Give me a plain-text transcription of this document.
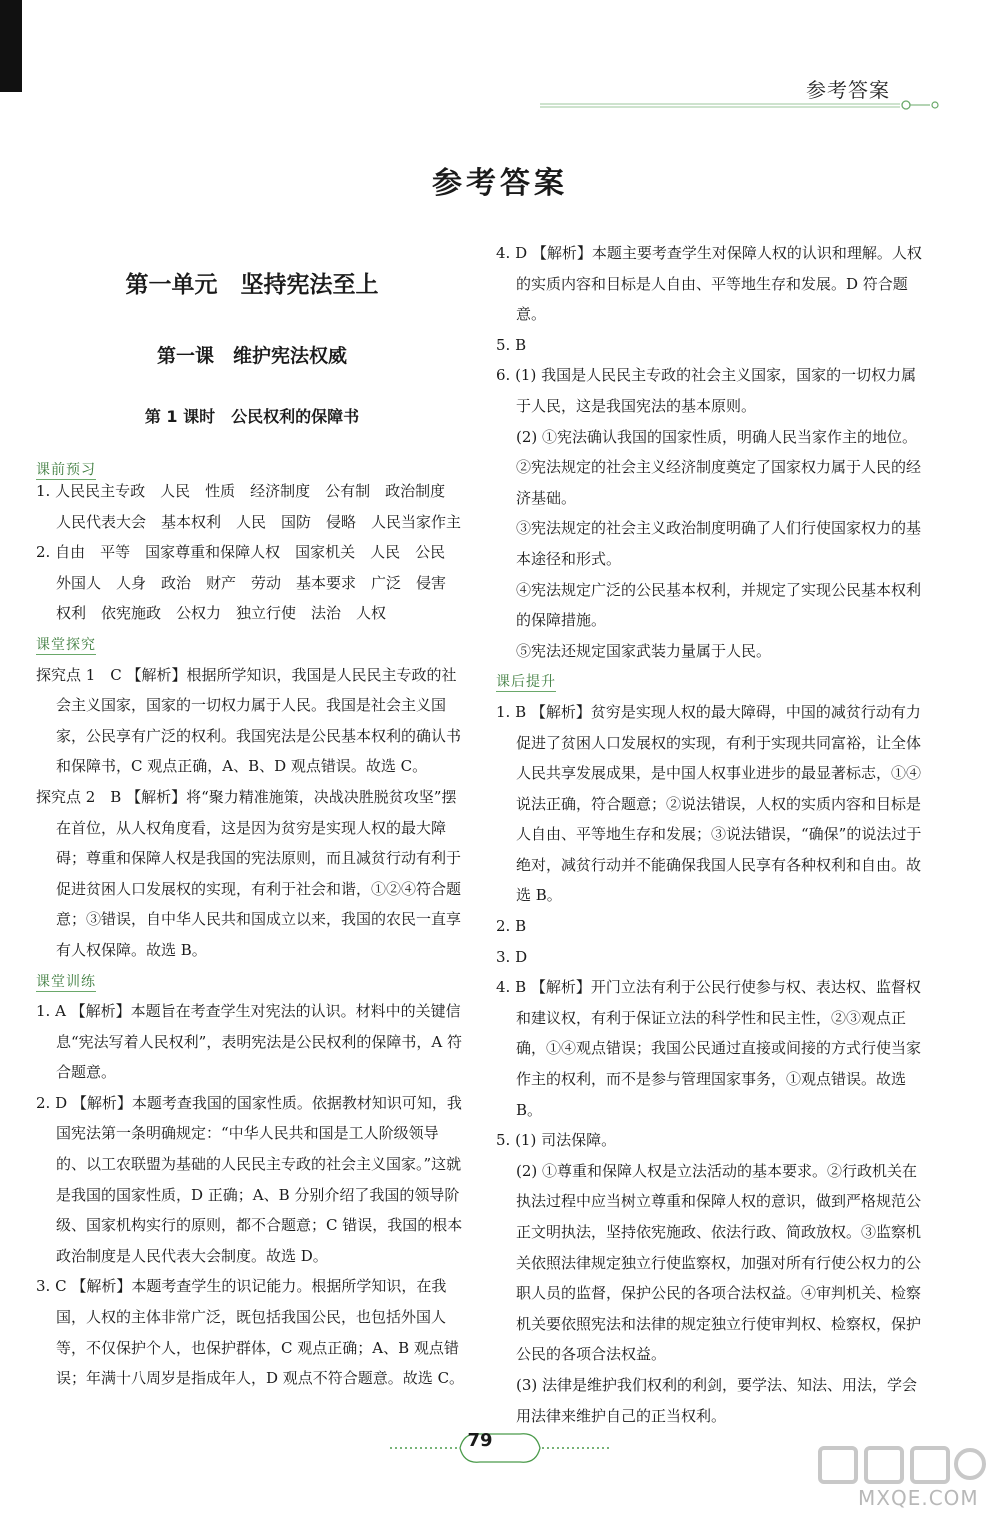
参考答案
参考答案
第一单元　坚持宪法至上
第一课　维护宪法权威
第 1 课时　公民权利的保障书
课前预习
1. 人民民主专政　人民　性质　经济制度　公有制　政治制度　人民代表大会　基本权利　人民　国防　侵略　人民当家作主
2. 自由　平等　国家尊重和保障人权　国家机关　人民　公民　外国人　人身　政治　财产　劳动　基本要求　广泛　侵害　权利　依宪施政　公权力　独立行使　法治　人权
课堂探究
探究点 1　C 【解析】根据所学知识，我国是人民民主专政的社会主义国家，国家的一切权力属于人民。我国是社会主义国家，公民享有广泛的权利。我国宪法是公民基本权利的确认书和保障书，C 观点正确，A、B、D 观点错误。故选 C。
探究点 2　B 【解析】将“聚力精准施策，决战决胜脱贫攻坚”摆在首位，从人权角度看，这是因为贫穷是实现人权的最大障碍；尊重和保障人权是我国的宪法原则，而且减贫行动有利于促进贫困人口发展权的实现，有利于社会和谐，①②④符合题意；③错误，自中华人民共和国成立以来，我国的农民一直享有人权保障。故选 B。
课堂训练
1. A 【解析】本题旨在考查学生对宪法的认识。材料中的关键信息“宪法写着人民权利”，表明宪法是公民权利的保障书，A 符合题意。
2. D 【解析】本题考查我国的国家性质。依据教材知识可知，我国宪法第一条明确规定：“中华人民共和国是工人阶级领导的、以工农联盟为基础的人民民主专政的社会主义国家。”这就是我国的国家性质，D 正确；A、B 分别介绍了我国的领导阶级、国家机构实行的原则，都不合题意；C 错误，我国的根本政治制度是人民代表大会制度。故选 D。
3. C 【解析】本题考查学生的识记能力。根据所学知识，在我国，人权的主体非常广泛，既包括我国公民，也包括外国人等，不仅保护个人，也保护群体，C 观点正确；A、B 观点错误；年满十八周岁是指成年人，D 观点不符合题意。故选 C。
4. D 【解析】本题主要考查学生对保障人权的认识和理解。人权的实质内容和目标是人自由、平等地生存和发展。D 符合题意。
5. B
6. (1) 我国是人民民主专政的社会主义国家，国家的一切权力属于人民，这是我国宪法的基本原则。
(2) ①宪法确认我国的国家性质，明确人民当家作主的地位。
②宪法规定的社会主义经济制度奠定了国家权力属于人民的经济基础。
③宪法规定的社会主义政治制度明确了人们行使国家权力的基本途径和形式。
④宪法规定广泛的公民基本权利，并规定了实现公民基本权利的保障措施。
⑤宪法还规定国家武装力量属于人民。
课后提升
1. B 【解析】贫穷是实现人权的最大障碍，中国的减贫行动有力促进了贫困人口发展权的实现，有利于实现共同富裕，让全体人民共享发展成果，是中国人权事业进步的最显著标志，①④说法正确，符合题意；②说法错误，人权的实质内容和目标是人自由、平等地生存和发展；③说法错误，“确保”的说法过于绝对，减贫行动并不能确保我国人民享有各种权利和自由。故选 B。
2. B
3. D
4. B 【解析】开门立法有利于公民行使参与权、表达权、监督权和建议权，有利于保证立法的科学性和民主性，②③观点正确，①④观点错误；我国公民通过直接或间接的方式行使当家作主的权利，而不是参与管理国家事务，①观点错误。故选 B。
5. (1) 司法保障。
(2) ①尊重和保障人权是立法活动的基本要求。②行政机关在执法过程中应当树立尊重和保障人权的意识，做到严格规范公正文明执法，坚持依宪施政、依法行政、简政放权。③监察机关依照法律规定独立行使监察权，加强对所有行使公权力的公职人员的监督，保护公民的各项合法权益。④审判机关、检察机关要依照宪法和法律的规定独立行使审判权、检察权，保护公民的各项合法权益。
(3) 法律是维护我们权利的利剑，要学法、知法、用法，学会用法律来维护自己的正当权利。
79
MXQE.COM
